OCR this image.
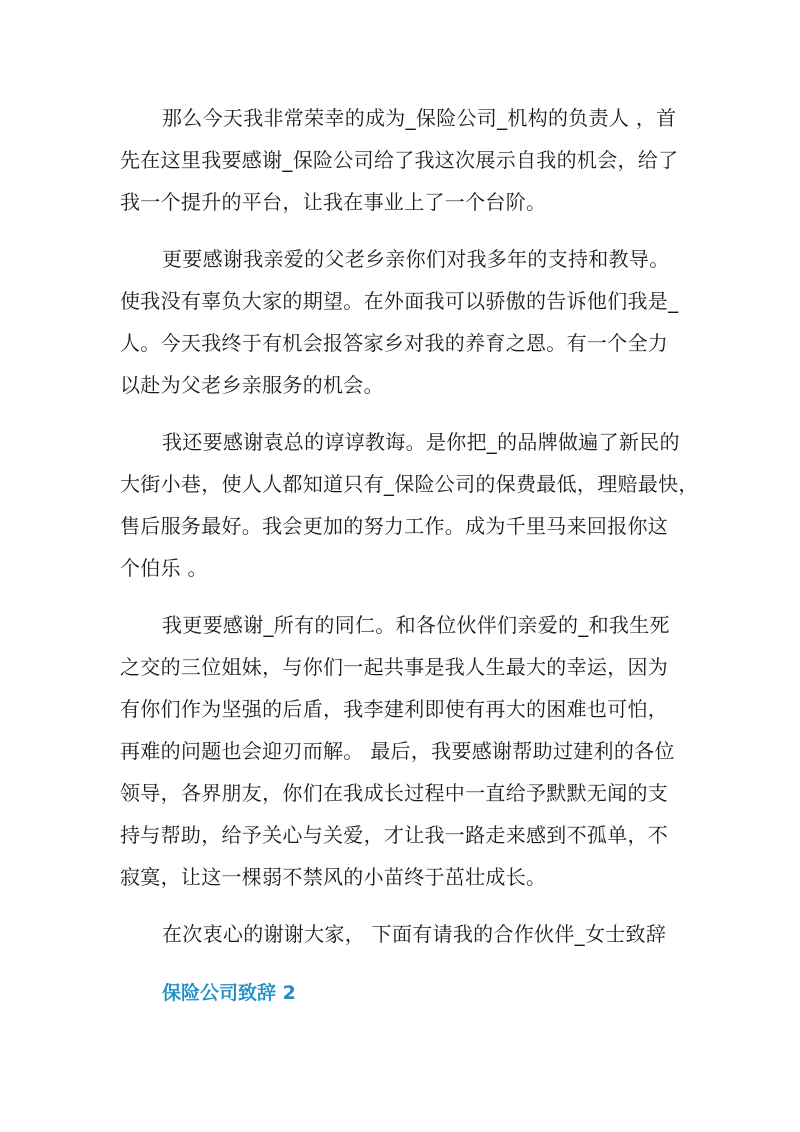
那么今天我非常荣幸的成为_保险公司_机构的负责人 ，首
先在这里我要感谢_保险公司给了我这次展示自我的机会，给了
我一个提升的平台，让我在事业上了一个台阶。
更要感谢我亲爱的父老乡亲你们对我多年的支持和教导。
使我没有辜负大家的期望。在外面我可以骄傲的告诉他们我是_
人。今天我终于有机会报答家乡对我的养育之恩。有一个全力
以赴为父老乡亲服务的机会。
我还要感谢袁总的谆谆教诲。是你把_的品牌做遍了新民的
大街小巷，使人人都知道只有_保险公司的保费最低，理赔最快，
售后服务最好。我会更加的努力工作。成为千里马来回报你这
个伯乐 。
我更要感谢_所有的同仁。和各位伙伴们亲爱的_和我生死
之交的三位姐妹，与你们一起共事是我人生最大的幸运，因为
有你们作为坚强的后盾，我李建利即使有再大的困难也可怕，
再难的问题也会迎刃而解。 最后，我要感谢帮助过建利的各位
领导，各界朋友，你们在我成长过程中一直给予默默无闻的支
持与帮助，给予关心与关爱，才让我一路走来感到不孤单，不
寂寞，让这一棵弱不禁风的小苗终于茁壮成长。
在次衷心的谢谢大家， 下面有请我的合作伙伴_女士致辞
保险公司致辞 2
